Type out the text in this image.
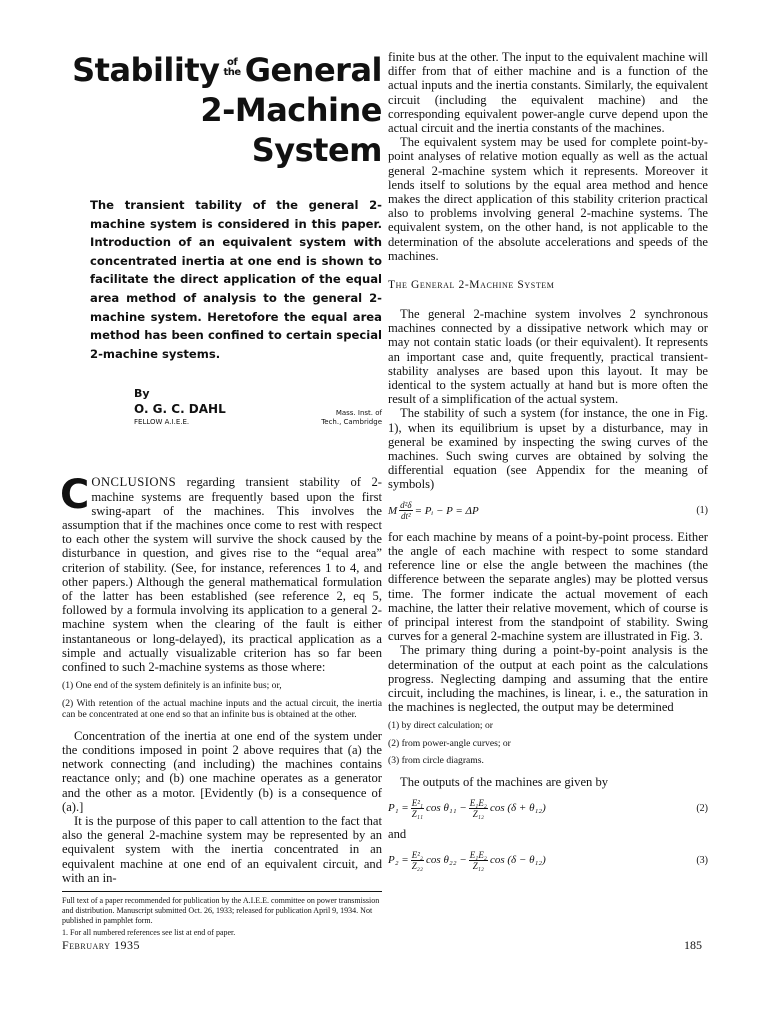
Stability of
the General
2-Machine System

The transient tability of the general 2-machine system is considered in this paper. Introduction of an equivalent system with concentrated inertia at one end is shown to facilitate the direct application of the equal area method of analysis to the general 2-machine system. Heretofore the equal area method has been confined to certain special 2-machine systems.

By
O. G. C. DAHL
FELLOW A.I.E.E.
Mass. Inst. of
Tech., Cambridge

CONCLUSIONS regarding transient stability of 2-machine systems are frequently based upon the first swing-apart of the machines. This involves the assumption that if the machines once come to rest with respect to each other the system will survive the shock caused by the disturbance in question, and gives rise to the “equal area” criterion of stability. (See, for instance, references 1 to 4, and other papers.) Although the general mathematical formulation of the latter has been established (see reference 2, eq 5, followed by a formula involving its application to a general 2-machine system when the clearing of the fault is either instantaneous or long-delayed), its practical application as a simple and actually visualizable criterion has so far been confined to such 2-machine systems as those where:

(1) One end of the system definitely is an infinite bus; or,

(2) With retention of the actual machine inputs and the actual circuit, the inertia can be concentrated at one end so that an infinite bus is obtained at the other.

Concentration of the inertia at one end of the system under the conditions imposed in point 2 above requires that (a) the network connecting (and including) the machines contains reactance only; and (b) one machine operates as a generator and the other as a motor. [Evidently (b) is a consequence of (a).]

It is the purpose of this paper to call attention to the fact that also the general 2-machine system may be represented by an equivalent system with the inertia concentrated in an equivalent machine at one end of an equivalent circuit, and with an in-

Full text of a paper recommended for publication by the A.I.E.E. committee on power transmission and distribution. Manuscript submitted Oct. 26, 1933; released for publication April 9, 1934. Not published in pamphlet form.

1. For all numbered references see list at end of paper.

finite bus at the other. The input to the equivalent machine will differ from that of either machine and is a function of the actual inputs and the inertia constants. Similarly, the equivalent circuit (including the equivalent machine) and the corresponding equivalent power-angle curve depend upon the actual circuit and the inertia constants of the machines.

The equivalent system may be used for complete point-by-point analyses of relative motion equally as well as the actual general 2-machine system which it represents. Moreover it lends itself to solutions by the equal area method and hence makes the direct application of this stability criterion practical also to problems involving general 2-machine systems. The equivalent system, on the other hand, is not applicable to the determination of the absolute accelerations and speeds of the machines.

The General 2-Machine System

The general 2-machine system involves 2 synchronous machines connected by a dissipative network which may or may not contain static loads (or their equivalent). It represents an important case and, quite frequently, practical transient-stability analyses are based upon this layout. It may be identical to the system actually at hand but is more often the result of a simplification of the actual system.

The stability of such a system (for instance, the one in Fig. 1), when its equilibrium is upset by a disturbance, may in general be examined by inspecting the swing curves of the machines. Such swing curves are obtained by solving the differential equation (see Appendix for the meaning of symbols)

M $\frac{\text{d²δ}}{\text{dt²}}$ = Pᵢ − P = ΔP	(1)

for each machine by means of a point-by-point process. Either the angle of each machine with respect to some standard reference line or else the angle between the machines (the difference between the separate angles) may be plotted versus time. The former indicate the actual movement of each machine, the latter their relative movement, which of course is of principal interest from the standpoint of stability. Swing curves for a general 2-machine system are illustrated in Fig. 3.

The primary thing during a point-by-point analysis is the determination of the output at each point as the calculations progress. Neglecting damping and assuming that the entire circuit, including the machines, is linear, i. e., the saturation in the machines is neglected, the output may be determined

(1) by direct calculation; or

(2) from power-angle curves; or

(3) from circle diagrams.

The outputs of the machines are given by

$P_1 = \frac{\text{E²₁}}{\text{Z₁₁}}$ $\cos \theta_{11} - \frac{\text{E₁E₂}}{\text{Z₁₂}}$ cos (δ + θ₁₂)	(2)

and

$P_2 = \frac{\text{E²₂}}{\text{Z₂₂}}$ $\cos \theta_{22} - \frac{\text{E₁E₂}}{\text{Z₁₂}}$ cos (δ − θ₁₂)	(3)
February 1935	185
